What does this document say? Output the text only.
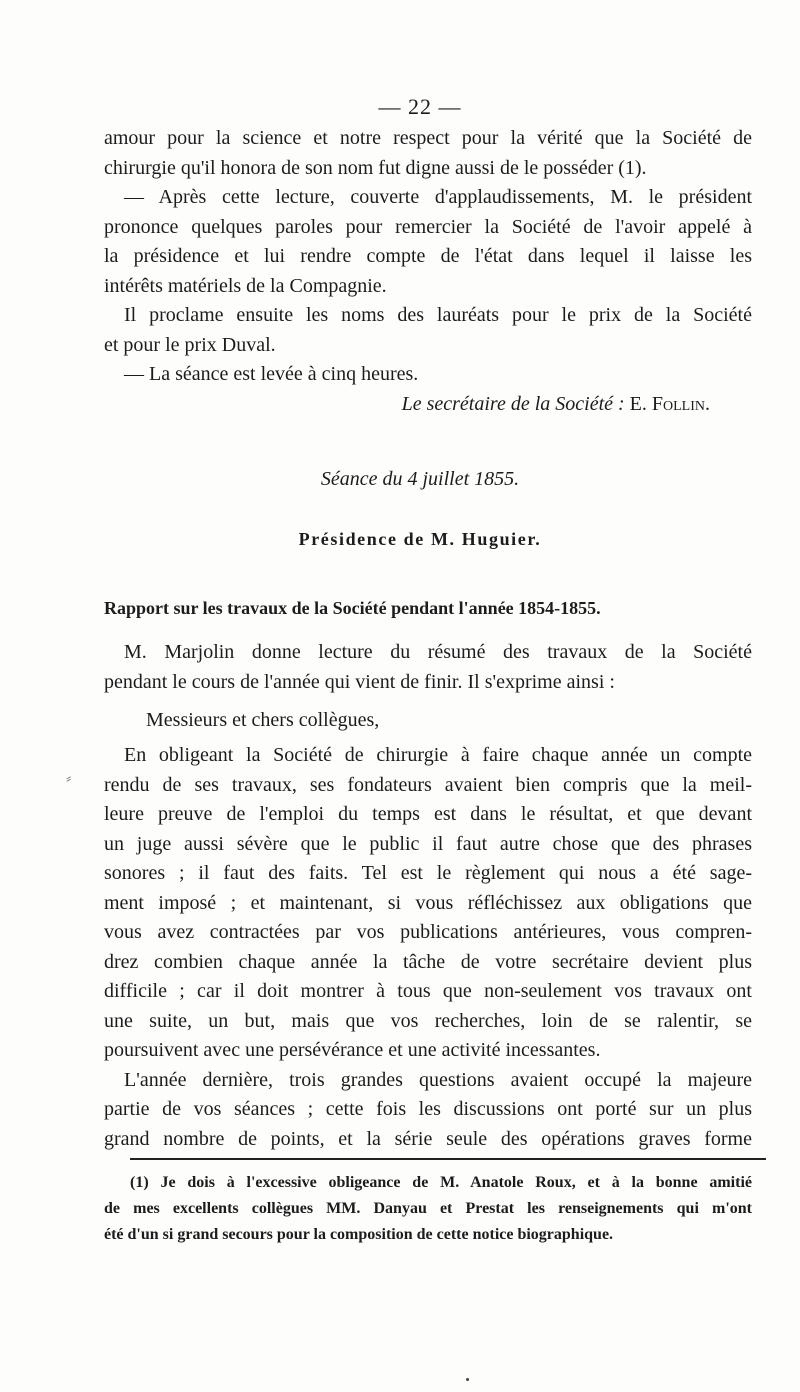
— 22 —
amour pour la science et notre respect pour la vérité que la Société de
chirurgie qu'il honora de son nom fut digne aussi de le posséder (1).
— Après cette lecture, couverte d'applaudissements, M. le président
prononce quelques paroles pour remercier la Société de l'avoir appelé à
la présidence et lui rendre compte de l'état dans lequel il laisse les
intérêts matériels de la Compagnie.
Il proclame ensuite les noms des lauréats pour le prix de la Société
et pour le prix Duval.
— La séance est levée à cinq heures.
Le secrétaire de la Société : E. Follin.
Séance du 4 juillet 1855.
Présidence de M. Huguier.
Rapport sur les travaux de la Société pendant l'année 1854-1855.
M. Marjolin donne lecture du résumé des travaux de la Société
pendant le cours de l'année qui vient de finir. Il s'exprime ainsi :
Messieurs et chers collègues,
⸗
En obligeant la Société de chirurgie à faire chaque année un compte
rendu de ses travaux, ses fondateurs avaient bien compris que la meil-
leure preuve de l'emploi du temps est dans le résultat, et que devant
un juge aussi sévère que le public il faut autre chose que des phrases
sonores ; il faut des faits. Tel est le règlement qui nous a été sage-
ment imposé ; et maintenant, si vous réfléchissez aux obligations que
vous avez contractées par vos publications antérieures, vous compren-
drez combien chaque année la tâche de votre secrétaire devient plus
difficile ; car il doit montrer à tous que non-seulement vos travaux ont
une suite, un but, mais que vos recherches, loin de se ralentir, se
poursuivent avec une persévérance et une activité incessantes.
L'année dernière, trois grandes questions avaient occupé la majeure
partie de vos séances ; cette fois les discussions ont porté sur un plus
grand nombre de points, et la série seule des opérations graves forme
(1) Je dois à l'excessive obligeance de M. Anatole Roux, et à la bonne amitié
de mes excellents collègues MM. Danyau et Prestat les renseignements qui m'ont
été d'un si grand secours pour la composition de cette notice biographique.
